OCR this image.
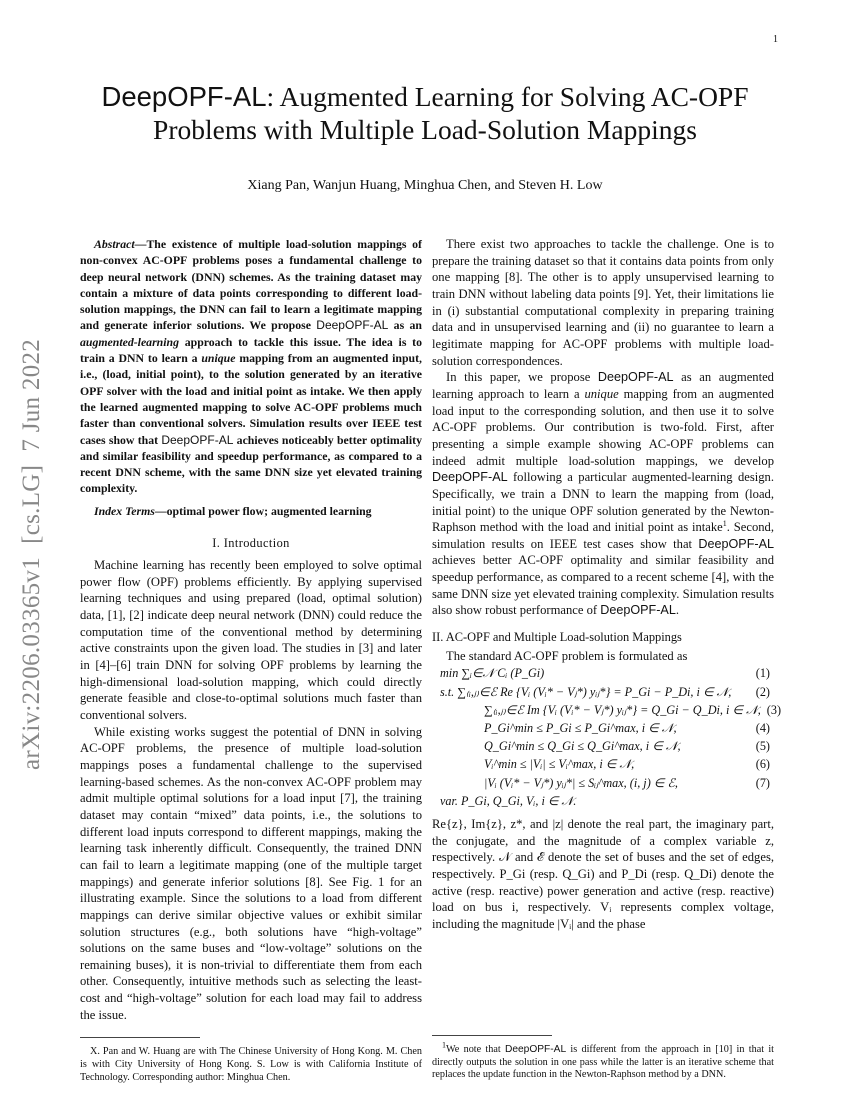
1
arXiv:2206.03365v1  [cs.LG]  7 Jun 2022
DeepOPF-AL: Augmented Learning for Solving AC-OPF Problems with Multiple Load-Solution Mappings
Xiang Pan, Wanjun Huang, Minghua Chen, and Steven H. Low

Abstract—The existence of multiple load-solution mappings of non-convex AC-OPF problems poses a fundamental challenge to deep neural network (DNN) schemes. As the training dataset may contain a mixture of data points corresponding to different load-solution mappings, the DNN can fail to learn a legitimate mapping and generate inferior solutions. We propose DeepOPF-AL as an augmented-learning approach to tackle this issue. The idea is to train a DNN to learn a unique mapping from an augmented input, i.e., (load, initial point), to the solution generated by an iterative OPF solver with the load and initial point as intake. We then apply the learned augmented mapping to solve AC-OPF problems much faster than conventional solvers. Simulation results over IEEE test cases show that DeepOPF-AL achieves noticeably better optimality and similar feasibility and speedup performance, as compared to a recent DNN scheme, with the same DNN size yet elevated training complexity.

Index Terms—optimal power flow; augmented learning

I. Introduction

Machine learning has recently been employed to solve optimal power flow (OPF) problems efficiently. By applying supervised learning techniques and using prepared (load, optimal solution) data, [1], [2] indicate deep neural network (DNN) could reduce the computation time of the conventional method by determining active constraints upon the given load. The studies in [3] and later in [4]–[6] train DNN for solving OPF problems by learning the high-dimensional load-solution mapping, which could directly generate feasible and close-to-optimal solutions much faster than conventional solvers.

While existing works suggest the potential of DNN in solving AC-OPF problems, the presence of multiple load-solution mappings poses a fundamental challenge to the supervised learning-based schemes. As the non-convex AC-OPF problem may admit multiple optimal solutions for a load input [7], the training dataset may contain “mixed” data points, i.e., the solutions to different load inputs correspond to different mappings, making the learning task inherently difficult. Consequently, the trained DNN can fail to learn a legitimate mapping (one of the multiple target mappings) and generate inferior solutions [8]. See Fig. 1 for an illustrating example. Since the solutions to a load from different mappings can derive similar objective values or exhibit similar solution structures (e.g., both solutions have “high-voltage” solutions on the same buses and “low-voltage” solutions on the remaining buses), it is non-trivial to differentiate them from each other. Consequently, intuitive methods such as selecting the least-cost and “high-voltage” solution for each load may fail to address the issue.

X. Pan and W. Huang are with The Chinese University of Hong Kong. M. Chen is with City University of Hong Kong. S. Low is with California Institute of Technology. Corresponding author: Minghua Chen.

There exist two approaches to tackle the challenge. One is to prepare the training dataset so that it contains data points from only one mapping [8]. The other is to apply unsupervised learning to train DNN without labeling data points [9]. Yet, their limitations lie in (i) substantial computational complexity in preparing training data and in unsupervised learning and (ii) no guarantee to learn a legitimate mapping for AC-OPF problems with multiple load-solution correspondences.

In this paper, we propose DeepOPF-AL as an augmented learning approach to learn a unique mapping from an augmented load input to the corresponding solution, and then use it to solve AC-OPF problems. Our contribution is two-fold. First, after presenting a simple example showing AC-OPF problems can indeed admit multiple load-solution mappings, we develop DeepOPF-AL following a particular augmented-learning design. Specifically, we train a DNN to learn the mapping from (load, initial point) to the unique OPF solution generated by the Newton-Raphson method with the load and initial point as intake$^1$. Second, simulation results on IEEE test cases show that DeepOPF-AL achieves better AC-OPF optimality and similar feasibility and speedup performance, as compared to a recent scheme [4], with the same DNN size yet elevated training complexity. Simulation results also show robust performance of DeepOPF-AL.

II. AC-OPF and Multiple Load-solution Mappings

The standard AC-OPF problem is formulated as

min ∑ᵢ∈𝒩 Cᵢ (P_Gi)	(1)
s.t. ∑₍ᵢ,ⱼ₎∈ℰ Re {Vᵢ (Vᵢ* − Vⱼ*) yᵢⱼ*} = P_Gi − P_Di, i ∈ 𝒩, (2)
∑₍ᵢ,ⱼ₎∈ℰ Im {Vᵢ (Vᵢ* − Vⱼ*) yᵢⱼ*} = Q_Gi − Q_Di, i ∈ 𝒩, (3)
P_Gi^min ≤ P_Gi ≤ P_Gi^max, i ∈ 𝒩,	(4)
Q_Gi^min ≤ Q_Gi ≤ Q_Gi^max, i ∈ 𝒩,	(5)
Vᵢ^min ≤ |Vᵢ| ≤ Vᵢ^max, i ∈ 𝒩,	(6)
|Vᵢ (Vᵢ* − Vⱼ*) yᵢⱼ*| ≤ Sᵢⱼ^max, (i, j) ∈ ℰ,	(7)
var. P_Gi, Q_Gi, Vᵢ, i ∈ 𝒩.

Re{z}, Im{z}, z*, and |z| denote the real part, the imaginary part, the conjugate, and the magnitude of a complex variable z, respectively. 𝒩 and ℰ denote the set of buses and the set of edges, respectively. P_Gi (resp. Q_Gi) and P_Di (resp. Q_Di) denote the active (resp. reactive) power generation and active (resp. reactive) load on bus i, respectively. Vᵢ represents complex voltage, including the magnitude |Vᵢ| and the phase

$^1$We note that DeepOPF-AL is different from the approach in [10] in that it directly outputs the solution in one pass while the latter is an iterative scheme that replaces the update function in the Newton-Raphson method by a DNN.
